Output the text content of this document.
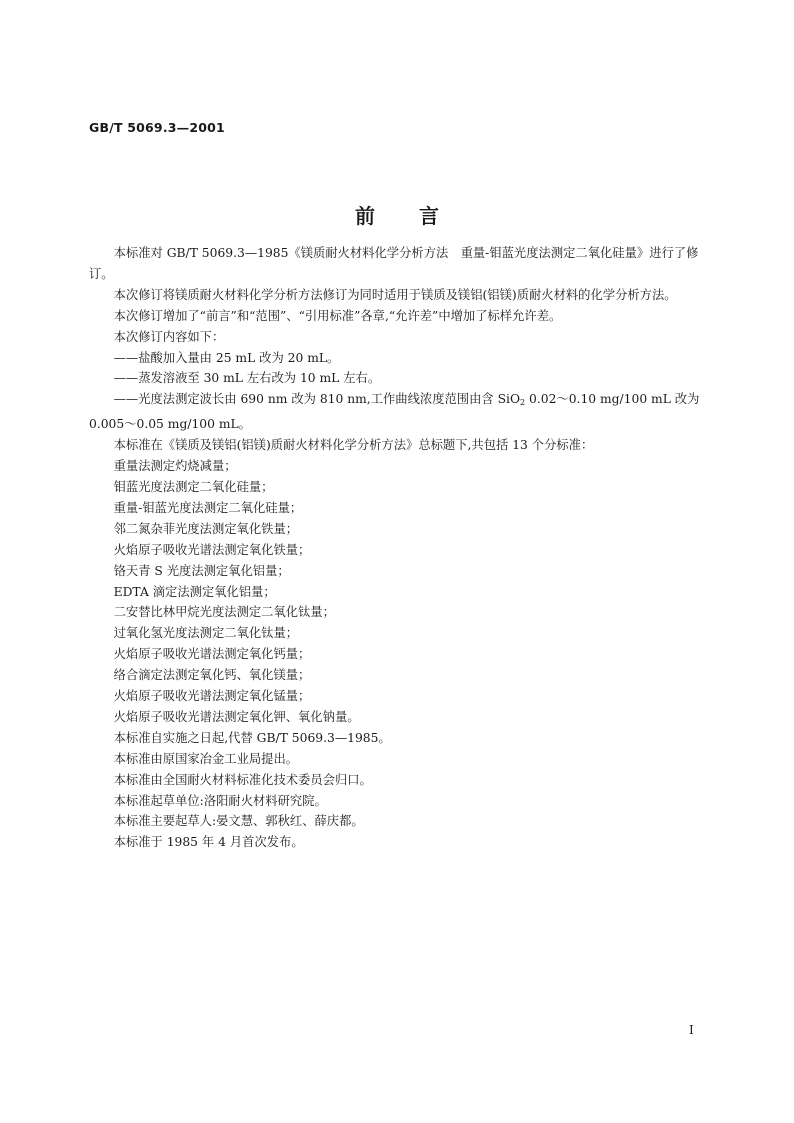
GB/T 5069.3—2001
前言

本标准对 GB/T 5069.3—1985《镁质耐火材料化学分析方法　重量-钼蓝光度法测定二氧化硅量》进行了修订。

本次修订将镁质耐火材料化学分析方法修订为同时适用于镁质及镁铝(铝镁)质耐火材料的化学分析方法。

本次修订增加了“前言”和“范围”、“引用标准”各章,“允许差”中增加了标样允许差。

本次修订内容如下：

——盐酸加入量由 25 mL 改为 20 mL。

——蒸发溶液至 30 mL 左右改为 10 mL 左右。

——光度法测定波长由 690 nm 改为 810 nm,工作曲线浓度范围由含 SiO$_2$ 0.02～0.10 mg/100 mL 改为 0.005～0.05 mg/100 mL。

本标准在《镁质及镁铝(铝镁)质耐火材料化学分析方法》总标题下,共包括 13 个分标准：

重量法测定灼烧减量；

钼蓝光度法测定二氧化硅量；

重量-钼蓝光度法测定二氧化硅量；

邻二氮杂菲光度法测定氧化铁量；

火焰原子吸收光谱法测定氧化铁量；

铬天青 S 光度法测定氧化铝量；

EDTA 滴定法测定氧化铝量；

二安替比林甲烷光度法测定二氧化钛量；

过氧化氢光度法测定二氧化钛量；

火焰原子吸收光谱法测定氧化钙量；

络合滴定法测定氧化钙、氧化镁量；

火焰原子吸收光谱法测定氧化锰量；

火焰原子吸收光谱法测定氧化钾、氧化钠量。

本标准自实施之日起,代替 GB/T 5069.3—1985。

本标准由原国家冶金工业局提出。

本标准由全国耐火材料标准化技术委员会归口。

本标准起草单位:洛阳耐火材料研究院。

本标准主要起草人:晏文慧、郭秋红、薛庆都。

本标准于 1985 年 4 月首次发布。

I
